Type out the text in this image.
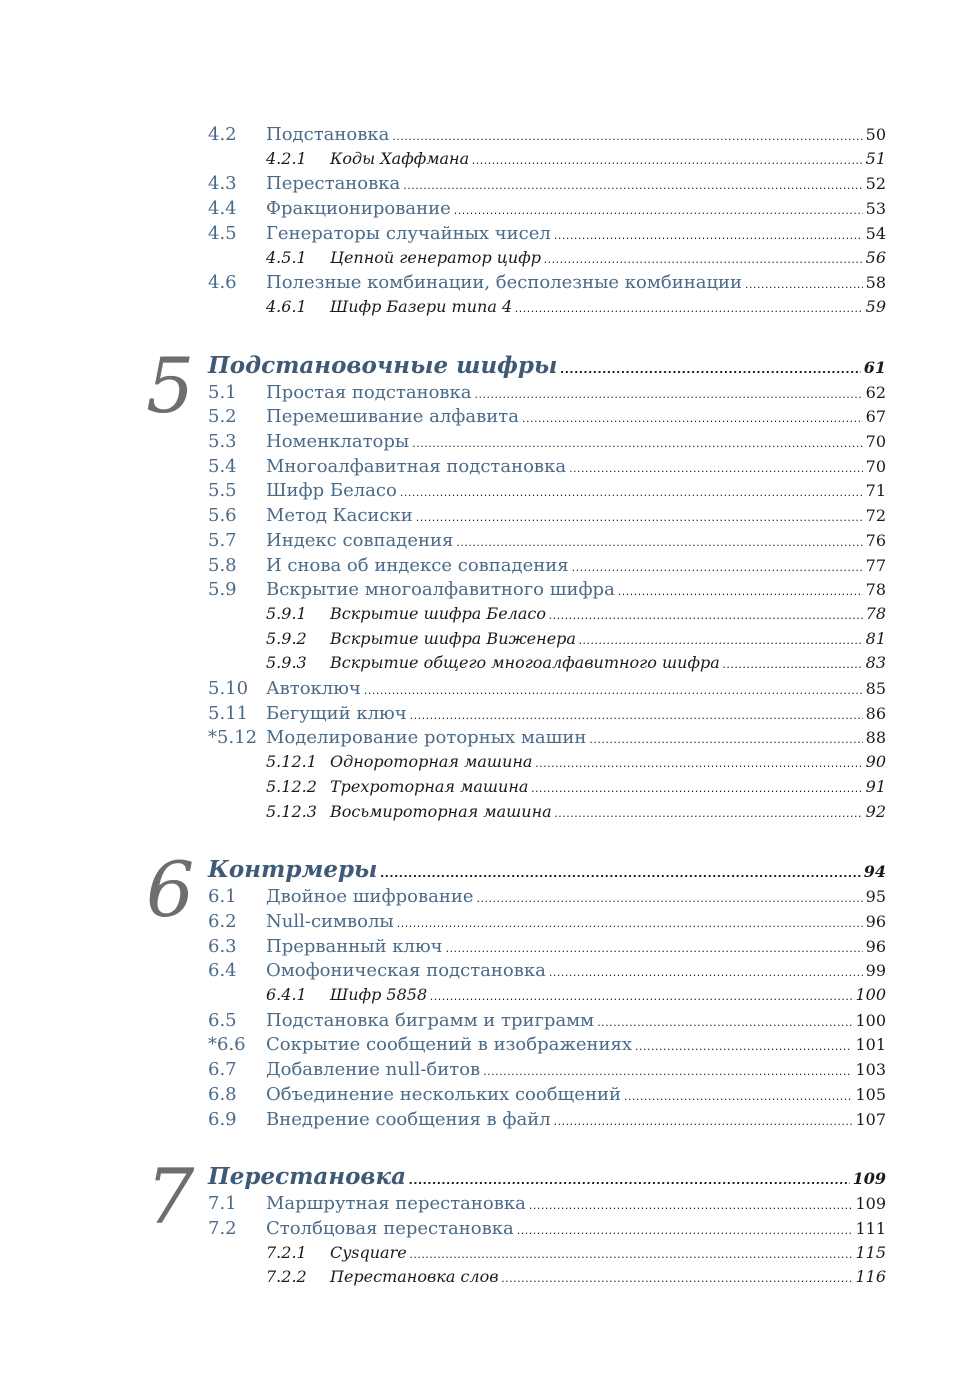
4.2	Подстановка .....	50
4.2.1	Коды Хаффмана .....	51
4.3	Перестановка .....	52
4.4	Фракционирование .....	53
4.5	Генераторы случайных чисел .....	54
4.5.1	Цепной генератор цифр .....	56
4.6	Полезные комбинации, бесполезные комбинации .....	58
4.6.1	Шифр Базери типа 4 .....	59
5 Подстановочные шифры .....	61
5.1	Простая подстановка .....	62
5.2	Перемешивание алфавита .....	67
5.3	Номенклаторы .....	70
5.4	Многоалфавитная подстановка .....	70
5.5	Шифр Беласо .....	71
5.6	Метод Касиски .....	72
5.7	Индекс совпадения .....	76
5.8	И снова об индексе совпадения .....	77
5.9	Вскрытие многоалфавитного шифра .....	78
5.9.1	Вскрытие шифра Беласо .....	78
5.9.2	Вскрытие шифра Виженера .....	81
5.9.3	Вскрытие общего многоалфавитного шифра .....	83
5.10 Автоключ .....	85
5.11 Бегущий ключ .....	86
*5.12 Моделирование роторных машин .....	88
5.12.1 Однороторная машина .....	90
5.12.2 Трехроторная машина .....	91
5.12.3 Восьмироторная машина .....	92
6 Контрмеры .....	94
6.1	Двойное шифрование .....	95
6.2	Null-символы .....	96
6.3	Прерванный ключ .....	96
6.4	Омофоническая подстановка .....	99
6.4.1	Шифр 5858 .....	100
6.5	Подстановка биграмм и триграмм .....	100
*6.6	Сокрытие сообщений в изображениях .....	101
6.7	Добавление null-битов .....	103
6.8	Объединение нескольких сообщений .....	105
6.9	Внедрение сообщения в файл .....	107
7 Перестановка .....	109
7.1	Маршрутная перестановка .....	109
7.2	Столбцовая перестановка .....	111
7.2.1	Cysquare .....	115
7.2.2	Перестановка слов .....	116
